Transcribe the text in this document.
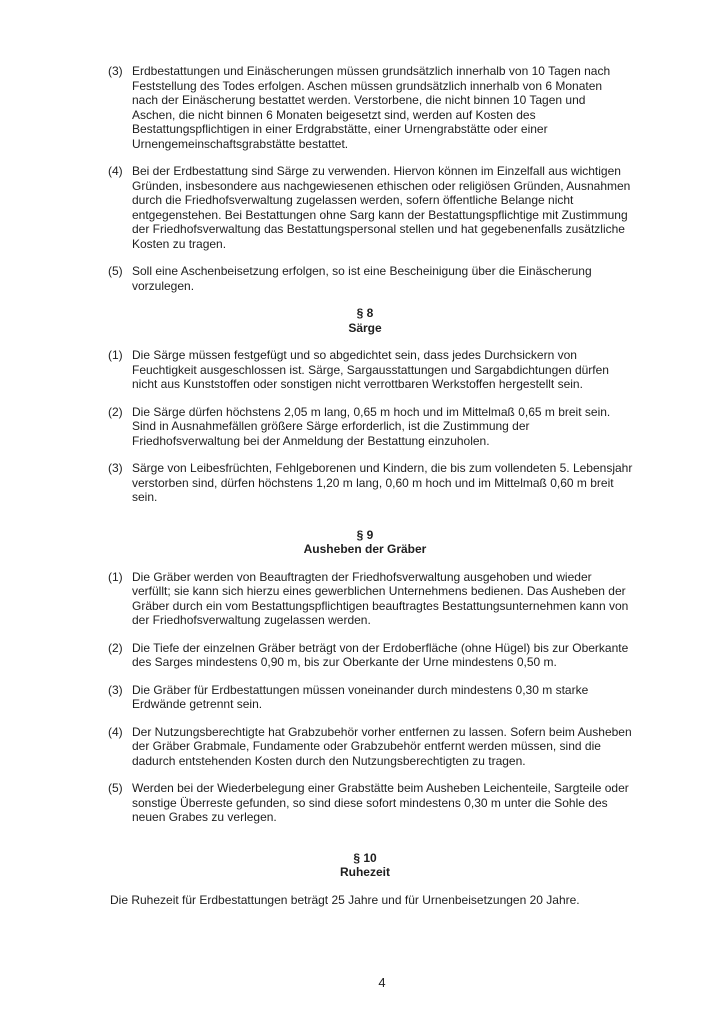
(3) Erdbestattungen und Einäscherungen müssen grundsätzlich innerhalb von 10 Tagen nach
Feststellung des Todes erfolgen. Aschen müssen grundsätzlich innerhalb von 6 Monaten
nach der Einäscherung bestattet werden. Verstorbene, die nicht binnen 10 Tagen und
Aschen, die nicht binnen 6 Monaten beigesetzt sind, werden auf Kosten des
Bestattungspflichtigen in einer Erdgrabstätte, einer Urnengrabstätte oder einer
Urnengemeinschaftsgrabstätte bestattet.
(4) Bei der Erdbestattung sind Särge zu verwenden. Hiervon können im Einzelfall aus wichtigen
Gründen, insbesondere aus nachgewiesenen ethischen oder religiösen Gründen, Ausnahmen
durch die Friedhofsverwaltung zugelassen werden, sofern öffentliche Belange nicht
entgegenstehen. Bei Bestattungen ohne Sarg kann der Bestattungspflichtige mit Zustimmung
der Friedhofsverwaltung das Bestattungspersonal stellen und hat gegebenenfalls zusätzliche
Kosten zu tragen.
(5) Soll eine Aschenbeisetzung erfolgen, so ist eine Bescheinigung über die Einäscherung
vorzulegen.
§ 8
Särge
(1) Die Särge müssen festgefügt und so abgedichtet sein, dass jedes Durchsickern von
Feuchtigkeit ausgeschlossen ist. Särge, Sargausstattungen und Sargabdichtungen dürfen
nicht aus Kunststoffen oder sonstigen nicht verrottbaren Werkstoffen hergestellt sein.
(2) Die Särge dürfen höchstens 2,05 m lang, 0,65 m hoch und im Mittelmaß 0,65 m breit sein.
Sind in Ausnahmefällen größere Särge erforderlich, ist die Zustimmung der
Friedhofsverwaltung bei der Anmeldung der Bestattung einzuholen.
(3) Särge von Leibesfrüchten, Fehlgeborenen und Kindern, die bis zum vollendeten 5. Lebensjahr
verstorben sind, dürfen höchstens 1,20 m lang, 0,60 m hoch und im Mittelmaß 0,60 m breit
sein.
§ 9
Ausheben der Gräber
(1) Die Gräber werden von Beauftragten der Friedhofsverwaltung ausgehoben und wieder
verfüllt; sie kann sich hierzu eines gewerblichen Unternehmens bedienen. Das Ausheben der
Gräber durch ein vom Bestattungspflichtigen beauftragtes Bestattungsunternehmen kann von
der Friedhofsverwaltung zugelassen werden.
(2) Die Tiefe der einzelnen Gräber beträgt von der Erdoberfläche (ohne Hügel) bis zur Oberkante
des Sarges mindestens 0,90 m, bis zur Oberkante der Urne mindestens 0,50 m.
(3) Die Gräber für Erdbestattungen müssen voneinander durch mindestens 0,30 m starke
Erdwände getrennt sein.
(4) Der Nutzungsberechtigte hat Grabzubehör vorher entfernen zu lassen. Sofern beim Ausheben
der Gräber Grabmale, Fundamente oder Grabzubehör entfernt werden müssen, sind die
dadurch entstehenden Kosten durch den Nutzungsberechtigten zu tragen.
(5) Werden bei der Wiederbelegung einer Grabstätte beim Ausheben Leichenteile, Sargteile oder
sonstige Überreste gefunden, so sind diese sofort mindestens 0,30 m unter die Sohle des
neuen Grabes zu verlegen.
§ 10
Ruhezeit
Die Ruhezeit für Erdbestattungen beträgt 25 Jahre und für Urnenbeisetzungen 20 Jahre.
4
